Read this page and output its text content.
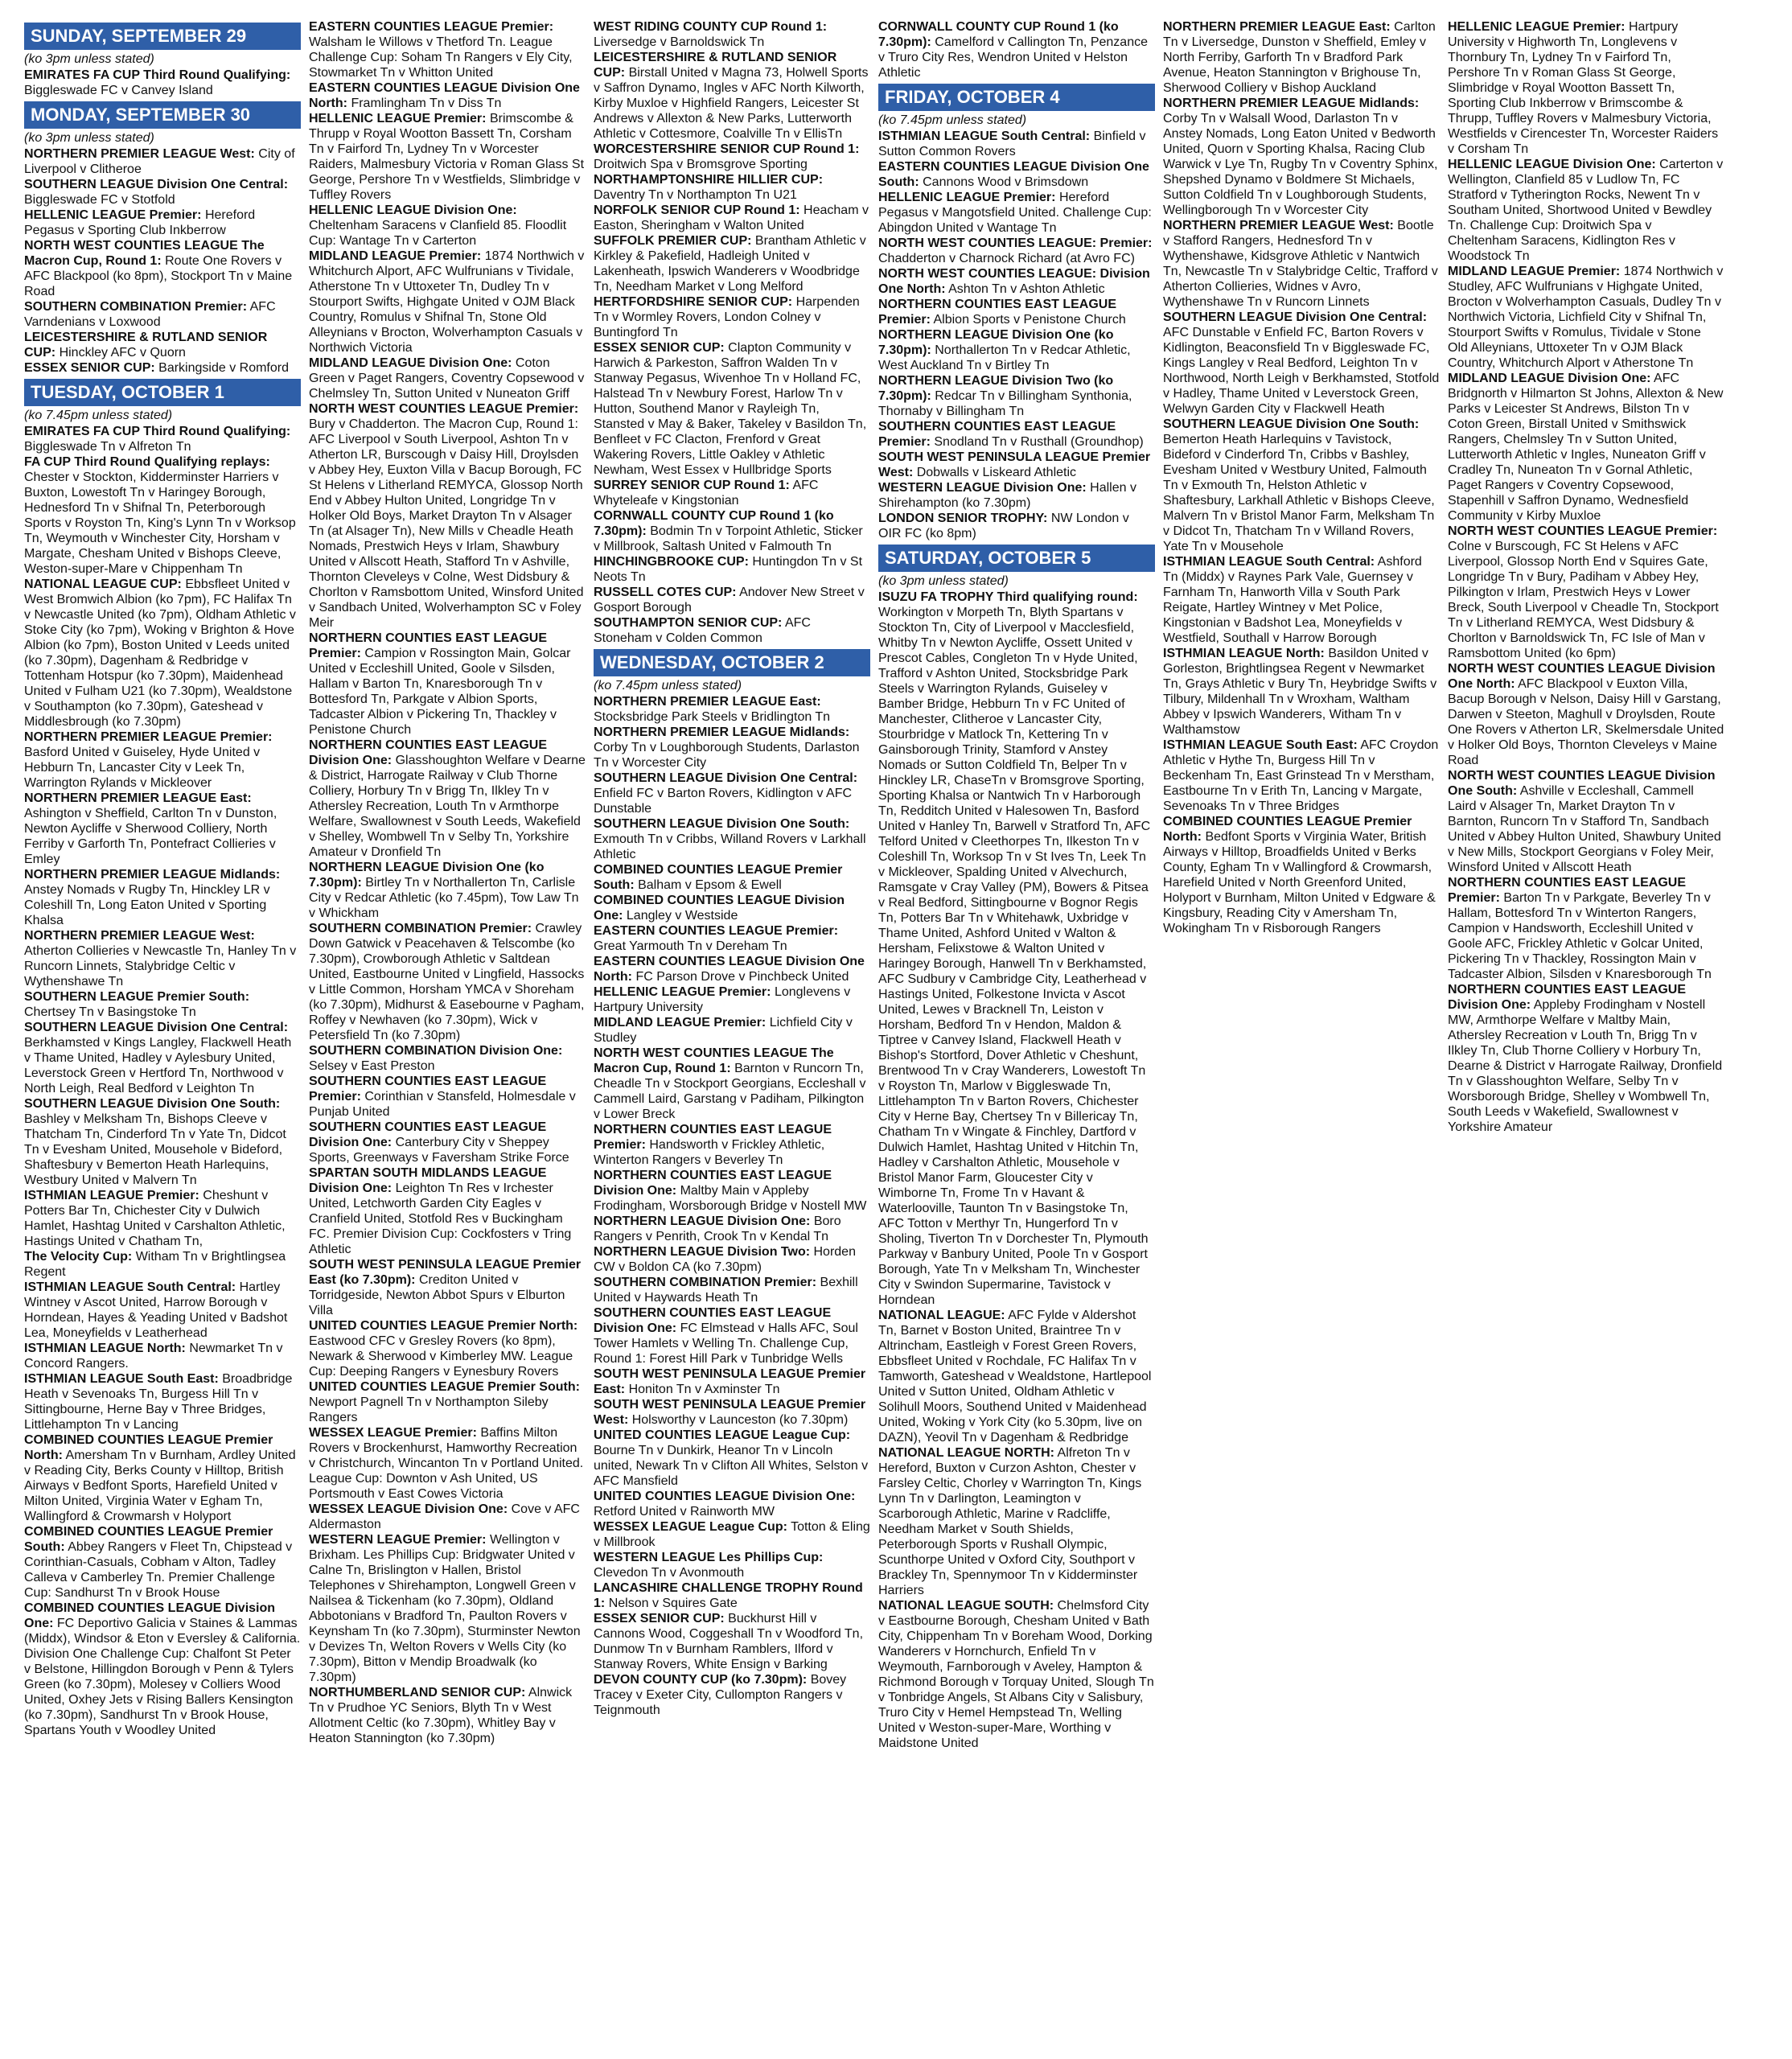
SUNDAY, SEPTEMBER 29
(ko 3pm unless stated)

EMIRATES FA CUP Third Round Qualifying: Biggleswade FC v Canvey Island

MONDAY, SEPTEMBER 30
(ko 3pm unless stated)

NORTHERN PREMIER LEAGUE West: City of Liverpool v Clitheroe

SOUTHERN LEAGUE Division One Central: Biggleswade FC v Stotfold

HELLENIC LEAGUE Premier: Hereford Pegasus v Sporting Club Inkberrow

NORTH WEST COUNTIES LEAGUE The Macron Cup, Round 1: Route One Rovers v AFC Blackpool (ko 8pm), Stockport Tn v Maine Road

SOUTHERN COMBINATION Premier: AFC Varndenians v Loxwood

LEICESTERSHIRE & RUTLAND SENIOR CUP: Hinckley AFC v Quorn

ESSEX SENIOR CUP: Barkingside v Romford

TUESDAY, OCTOBER 1
(ko 7.45pm unless stated)

EMIRATES FA CUP Third Round Qualifying: Biggleswade Tn v Alfreton Tn

FA CUP Third Round Qualifying replays: Chester v Stockton, Kidderminster Harriers v Buxton, Lowestoft Tn v Haringey Borough, Hednesford Tn v Shifnal Tn, Peterborough Sports v Royston Tn, King's Lynn Tn v Worksop Tn, Weymouth v Winchester City, Horsham v Margate, Chesham United v Bishops Cleeve, Weston-super-Mare v Chippenham Tn

NATIONAL LEAGUE CUP: Ebbsfleet United v West Bromwich Albion (ko 7pm), FC Halifax Tn v Newcastle United (ko 7pm), Oldham Athletic v Stoke City (ko 7pm), Woking v Brighton & Hove Albion (ko 7pm), Boston United v Leeds united (ko 7.30pm), Dagenham & Redbridge v Tottenham Hotspur (ko 7.30pm), Maidenhead United v Fulham U21 (ko 7.30pm), Wealdstone v Southampton (ko 7.30pm), Gateshead v Middlesbrough (ko 7.30pm)

NORTHERN PREMIER LEAGUE Premier: Basford United v Guiseley, Hyde United v Hebburn Tn, Lancaster City v Leek Tn, Warrington Rylands v Mickleover

NORTHERN PREMIER LEAGUE East: Ashington v Sheffield, Carlton Tn v Dunston, Newton Aycliffe v Sherwood Colliery, North Ferriby v Garforth Tn, Pontefract Collieries v Emley

NORTHERN PREMIER LEAGUE Midlands: Anstey Nomads v Rugby Tn, Hinckley LR v Coleshill Tn, Long Eaton United v Sporting Khalsa

NORTHERN PREMIER LEAGUE West: Atherton Collieries v Newcastle Tn, Hanley Tn v Runcorn Linnets, Stalybridge Celtic v Wythenshawe Tn

SOUTHERN LEAGUE Premier South: Chertsey Tn v Basingstoke Tn

SOUTHERN LEAGUE Division One Central: Berkhamsted v Kings Langley, Flackwell Heath v Thame United, Hadley v Aylesbury United, Leverstock Green v Hertford Tn, Northwood v North Leigh, Real Bedford v Leighton Tn

SOUTHERN LEAGUE Division One South: Bashley v Melksham Tn, Bishops Cleeve v Thatcham Tn, Cinderford Tn v Yate Tn, Didcot Tn v Evesham United, Mousehole v Bideford, Shaftesbury v Bemerton Heath Harlequins, Westbury United v Malvern Tn

ISTHMIAN LEAGUE Premier: Cheshunt v Potters Bar Tn, Chichester City v Dulwich Hamlet, Hashtag United v Carshalton Athletic, Hastings United v Chatham Tn,

The Velocity Cup: Witham Tn v Brightlingsea Regent

ISTHMIAN LEAGUE South Central: Hartley Wintney v Ascot United, Harrow Borough v Horndean, Hayes & Yeading United v Badshot Lea, Moneyfields v Leatherhead

ISTHMIAN LEAGUE North: Newmarket Tn v Concord Rangers.

ISTHMIAN LEAGUE South East: Broadbridge Heath v Sevenoaks Tn, Burgess Hill Tn v Sittingbourne, Herne Bay v Three Bridges, Littlehampton Tn v Lancing

COMBINED COUNTIES LEAGUE Premier North: Amersham Tn v Burnham, Ardley United v Reading City, Berks County v Hilltop, British Airways v Bedfont Sports, Harefield United v Milton United, Virginia Water v Egham Tn, Wallingford & Crowmarsh v Holyport

COMBINED COUNTIES LEAGUE Premier South: Abbey Rangers v Fleet Tn, Chipstead v Corinthian-Casuals, Cobham v Alton, Tadley Calleva v Camberley Tn. Premier Challenge Cup: Sandhurst Tn v Brook House

COMBINED COUNTIES LEAGUE Division One: FC Deportivo Galicia v Staines & Lammas (Middx), Windsor & Eton v Eversley & California. Division One Challenge Cup: Chalfont St Peter v Belstone, Hillingdon Borough v Penn & Tylers Green (ko 7.30pm), Molesey v Colliers Wood United, Oxhey Jets v Rising Ballers Kensington (ko 7.30pm), Sandhurst Tn v Brook House, Spartans Youth v Woodley United

EASTERN COUNTIES LEAGUE Premier: Walsham le Willows v Thetford Tn. League Challenge Cup: Soham Tn Rangers v Ely City, Stowmarket Tn v Whitton United

EASTERN COUNTIES LEAGUE Division One North: Framlingham Tn v Diss Tn

HELLENIC LEAGUE Premier: Brimscombe & Thrupp v Royal Wootton Bassett Tn, Corsham Tn v Fairford Tn, Lydney Tn v Worcester Raiders, Malmesbury Victoria v Roman Glass St George, Pershore Tn v Westfields, Slimbridge v Tuffley Rovers

HELLENIC LEAGUE Division One: Cheltenham Saracens v Clanfield 85. Floodlit Cup: Wantage Tn v Carterton

MIDLAND LEAGUE Premier: 1874 Northwich v Whitchurch Alport, AFC Wulfrunians v Tividale, Atherstone Tn v Uttoxeter Tn, Dudley Tn v Stourport Swifts, Highgate United v OJM Black Country, Romulus v Shifnal Tn, Stone Old Alleynians v Brocton, Wolverhampton Casuals v Northwich Victoria

MIDLAND LEAGUE Division One: Coton Green v Paget Rangers, Coventry Copsewood v Chelmsley Tn, Sutton United v Nuneaton Griff

NORTH WEST COUNTIES LEAGUE Premier: Bury v Chadderton. The Macron Cup, Round 1: AFC Liverpool v South Liverpool, Ashton Tn v Atherton LR, Burscough v Daisy Hill, Droylsden v Abbey Hey, Euxton Villa v Bacup Borough, FC St Helens v Litherland REMYCA, Glossop North End v Abbey Hulton United, Longridge Tn v Holker Old Boys, Market Drayton Tn v Alsager Tn (at Alsager Tn), New Mills v Cheadle Heath Nomads, Prestwich Heys v Irlam, Shawbury United v Allscott Heath, Stafford Tn v Ashville, Thornton Cleveleys v Colne, West Didsbury & Chorlton v Ramsbottom United, Winsford United v Sandbach United, Wolverhampton SC v Foley Meir

NORTHERN COUNTIES EAST LEAGUE Premier: Campion v Rossington Main, Golcar United v Eccleshill United, Goole v Silsden, Hallam v Barton Tn, Knaresborough Tn v Bottesford Tn, Parkgate v Albion Sports, Tadcaster Albion v Pickering Tn, Thackley v Penistone Church

NORTHERN COUNTIES EAST LEAGUE Division One: Glasshoughton Welfare v Dearne & District, Harrogate Railway v Club Thorne Colliery, Horbury Tn v Brigg Tn, Ilkley Tn v Athersley Recreation, Louth Tn v Armthorpe Welfare, Swallownest v South Leeds, Wakefield v Shelley, Wombwell Tn v Selby Tn, Yorkshire Amateur v Dronfield Tn

NORTHERN LEAGUE Division One (ko 7.30pm): Birtley Tn v Northallerton Tn, Carlisle City v Redcar Athletic (ko 7.45pm), Tow Law Tn v Whickham

SOUTHERN COMBINATION Premier: Crawley Down Gatwick v Peacehaven & Telscombe (ko 7.30pm), Crowborough Athletic v Saltdean United, Eastbourne United v Lingfield, Hassocks v Little Common, Horsham YMCA v Shoreham (ko 7.30pm), Midhurst & Easebourne v Pagham, Roffey v Newhaven (ko 7.30pm), Wick v Petersfield Tn (ko 7.30pm)

SOUTHERN COMBINATION Division One: Selsey v East Preston

SOUTHERN COUNTIES EAST LEAGUE Premier: Corinthian v Stansfeld, Holmesdale v Punjab United

SOUTHERN COUNTIES EAST LEAGUE Division One: Canterbury City v Sheppey Sports, Greenways v Faversham Strike Force

SPARTAN SOUTH MIDLANDS LEAGUE Division One: Leighton Tn Res v Irchester United, Letchworth Garden City Eagles v Cranfield United, Stotfold Res v Buckingham FC. Premier Division Cup: Cockfosters v Tring Athletic

SOUTH WEST PENINSULA LEAGUE Premier East (ko 7.30pm): Crediton United v Torridgeside, Newton Abbot Spurs v Elburton Villa

UNITED COUNTIES LEAGUE Premier North: Eastwood CFC v Gresley Rovers (ko 8pm), Newark & Sherwood v Kimberley MW. League Cup: Deeping Rangers v Eynesbury Rovers

UNITED COUNTIES LEAGUE Premier South: Newport Pagnell Tn v Northampton Sileby Rangers

WESSEX LEAGUE Premier: Baffins Milton Rovers v Brockenhurst, Hamworthy Recreation v Christchurch, Wincanton Tn v Portland United. League Cup: Downton v Ash United, US Portsmouth v East Cowes Victoria

WESSEX LEAGUE Division One: Cove v AFC Aldermaston

WESTERN LEAGUE Premier: Wellington v Brixham. Les Phillips Cup: Bridgwater United v Calne Tn, Brislington v Hallen, Bristol Telephones v Shirehampton, Longwell Green v Nailsea & Tickenham (ko 7.30pm), Oldland Abbotonians v Bradford Tn, Paulton Rovers v Keynsham Tn (ko 7.30pm), Sturminster Newton v Devizes Tn, Welton Rovers v Wells City (ko 7.30pm), Bitton v Mendip Broadwalk (ko 7.30pm)

NORTHUMBERLAND SENIOR CUP: Alnwick Tn v Prudhoe YC Seniors, Blyth Tn v West Allotment Celtic (ko 7.30pm), Whitley Bay v Heaton Stannington (ko 7.30pm)

WEST RIDING COUNTY CUP Round 1: Liversedge v Barnoldswick Tn

LEICESTERSHIRE & RUTLAND SENIOR CUP: Birstall United v Magna 73, Holwell Sports v Saffron Dynamo, Ingles v AFC North Kilworth, Kirby Muxloe v Highfield Rangers, Leicester St Andrews v Allexton & New Parks, Lutterworth Athletic v Cottesmore, Coalville Tn v EllisTn

WORCESTERSHIRE SENIOR CUP Round 1: Droitwich Spa v Bromsgrove Sporting

NORTHAMPTONSHIRE HILLIER CUP: Daventry Tn v Northampton Tn U21

NORFOLK SENIOR CUP Round 1: Heacham v Easton, Sheringham v Walton United

SUFFOLK PREMIER CUP: Brantham Athletic v Kirkley & Pakefield, Hadleigh United v Lakenheath, Ipswich Wanderers v Woodbridge Tn, Needham Market v Long Melford

HERTFORDSHIRE SENIOR CUP: Harpenden Tn v Wormley Rovers, London Colney v Buntingford Tn

ESSEX SENIOR CUP: Clapton Community v Harwich & Parkeston, Saffron Walden Tn v Stanway Pegasus, Wivenhoe Tn v Holland FC, Halstead Tn v Newbury Forest, Harlow Tn v Hutton, Southend Manor v Rayleigh Tn, Stansted v May & Baker, Takeley v Basildon Tn, Benfleet v FC Clacton, Frenford v Great Wakering Rovers, Little Oakley v Athletic Newham, West Essex v Hullbridge Sports

SURREY SENIOR CUP Round 1: AFC Whyteleafe v Kingstonian

CORNWALL COUNTY CUP Round 1 (ko 7.30pm): Bodmin Tn v Torpoint Athletic, Sticker v Millbrook, Saltash United v Falmouth Tn

HINCHINGBROOKE CUP: Huntingdon Tn v St Neots Tn

RUSSELL COTES CUP: Andover New Street v Gosport Borough

SOUTHAMPTON SENIOR CUP: AFC Stoneham v Colden Common

WEDNESDAY, OCTOBER 2
(ko 7.45pm unless stated)

NORTHERN PREMIER LEAGUE East: Stocksbridge Park Steels v Bridlington Tn

NORTHERN PREMIER LEAGUE Midlands: Corby Tn v Loughborough Students, Darlaston Tn v Worcester City

SOUTHERN LEAGUE Division One Central: Enfield FC v Barton Rovers, Kidlington v AFC Dunstable

SOUTHERN LEAGUE Division One South: Exmouth Tn v Cribbs, Willand Rovers v Larkhall Athletic

COMBINED COUNTIES LEAGUE Premier South: Balham v Epsom & Ewell

COMBINED COUNTIES LEAGUE Division One: Langley v Westside

EASTERN COUNTIES LEAGUE Premier: Great Yarmouth Tn v Dereham Tn

EASTERN COUNTIES LEAGUE Division One North: FC Parson Drove v Pinchbeck United

HELLENIC LEAGUE Premier: Longlevens v Hartpury University

MIDLAND LEAGUE Premier: Lichfield City v Studley

NORTH WEST COUNTIES LEAGUE The Macron Cup, Round 1: Barnton v Runcorn Tn, Cheadle Tn v Stockport Georgians, Eccleshall v Cammell Laird, Garstang v Padiham, Pilkington v Lower Breck

NORTHERN COUNTIES EAST LEAGUE Premier: Handsworth v Frickley Athletic, Winterton Rangers v Beverley Tn

NORTHERN COUNTIES EAST LEAGUE Division One: Maltby Main v Appleby Frodingham, Worsborough Bridge v Nostell MW

NORTHERN LEAGUE Division One: Boro Rangers v Penrith, Crook Tn v Kendal Tn

NORTHERN LEAGUE Division Two: Horden CW v Boldon CA (ko 7.30pm)

SOUTHERN COMBINATION Premier: Bexhill United v Haywards Heath Tn

SOUTHERN COUNTIES EAST LEAGUE Division One: FC Elmstead v Halls AFC, Soul Tower Hamlets v Welling Tn. Challenge Cup, Round 1: Forest Hill Park v Tunbridge Wells

SOUTH WEST PENINSULA LEAGUE Premier East: Honiton Tn v Axminster Tn

SOUTH WEST PENINSULA LEAGUE Premier West: Holsworthy v Launceston (ko 7.30pm)

UNITED COUNTIES LEAGUE League Cup: Bourne Tn v Dunkirk, Heanor Tn v Lincoln united, Newark Tn v Clifton All Whites, Selston v AFC Mansfield

UNITED COUNTIES LEAGUE Division One: Retford United v Rainworth MW

WESSEX LEAGUE League Cup: Totton & Eling v Millbrook

WESTERN LEAGUE Les Phillips Cup: Clevedon Tn v Avonmouth

LANCASHIRE CHALLENGE TROPHY Round 1: Nelson v Squires Gate

ESSEX SENIOR CUP: Buckhurst Hill v Cannons Wood, Coggeshall Tn v Woodford Tn, Dunmow Tn v Burnham Ramblers, Ilford v Stanway Rovers, White Ensign v Barking

DEVON COUNTY CUP (ko 7.30pm): Bovey Tracey v Exeter City, Cullompton Rangers v Teignmouth

CORNWALL COUNTY CUP Round 1 (ko 7.30pm): Camelford v Callington Tn, Penzance v Truro City Res, Wendron United v Helston Athletic

FRIDAY, OCTOBER 4
(ko 7.45pm unless stated)

ISTHMIAN LEAGUE South Central: Binfield v Sutton Common Rovers

EASTERN COUNTIES LEAGUE Division One South: Cannons Wood v Brimsdown

HELLENIC LEAGUE Premier: Hereford Pegasus v Mangotsfield United. Challenge Cup: Abingdon United v Wantage Tn

NORTH WEST COUNTIES LEAGUE: Premier: Chadderton v Charnock Richard (at Avro FC)

NORTH WEST COUNTIES LEAGUE: Division One North: Ashton Tn v Ashton Athletic

NORTHERN COUNTIES EAST LEAGUE Premier: Albion Sports v Penistone Church

NORTHERN LEAGUE Division One (ko 7.30pm): Northallerton Tn v Redcar Athletic, West Auckland Tn v Birtley Tn

NORTHERN LEAGUE Division Two (ko 7.30pm): Redcar Tn v Billingham Synthonia, Thornaby v Billingham Tn

SOUTHERN COUNTIES EAST LEAGUE Premier: Snodland Tn v Rusthall (Groundhop)

SOUTH WEST PENINSULA LEAGUE Premier West: Dobwalls v Liskeard Athletic

WESTERN LEAGUE Division One: Hallen v Shirehampton (ko 7.30pm)

LONDON SENIOR TROPHY: NW London v OIR FC (ko 8pm)

SATURDAY, OCTOBER 5
(ko 3pm unless stated)

ISUZU FA TROPHY Third qualifying round: Workington v Morpeth Tn, Blyth Spartans v Stockton Tn, City of Liverpool v Macclesfield, Whitby Tn v Newton Aycliffe, Ossett United v Prescot Cables, Congleton Tn v Hyde United, Trafford v Ashton United, Stocksbridge Park Steels v Warrington Rylands, Guiseley v Bamber Bridge, Hebburn Tn v FC United of Manchester, Clitheroe v Lancaster City, Stourbridge v Matlock Tn, Kettering Tn v Gainsborough Trinity, Stamford v Anstey Nomads or Sutton Coldfield Tn, Belper Tn v Hinckley LR, ChaseTn v Bromsgrove Sporting, Sporting Khalsa or Nantwich Tn v Harborough Tn, Redditch United v Halesowen Tn, Basford United v Hanley Tn, Barwell v Stratford Tn, AFC Telford United v Cleethorpes Tn, Ilkeston Tn v Coleshill Tn, Worksop Tn v St Ives Tn, Leek Tn v Mickleover, Spalding United v Alvechurch, Ramsgate v Cray Valley (PM), Bowers & Pitsea v Real Bedford, Sittingbourne v Bognor Regis Tn, Potters Bar Tn v Whitehawk, Uxbridge v Thame United, Ashford United v Walton & Hersham, Felixstowe & Walton United v Haringey Borough, Hanwell Tn v Berkhamsted, AFC Sudbury v Cambridge City, Leatherhead v Hastings United, Folkestone Invicta v Ascot United, Lewes v Bracknell Tn, Leiston v Horsham, Bedford Tn v Hendon, Maldon & Tiptree v Canvey Island, Flackwell Heath v Bishop's Stortford, Dover Athletic v Cheshunt, Brentwood Tn v Cray Wanderers, Lowestoft Tn v Royston Tn, Marlow v Biggleswade Tn, Littlehampton Tn v Barton Rovers, Chichester City v Herne Bay, Chertsey Tn v Billericay Tn, Chatham Tn v Wingate & Finchley, Dartford v Dulwich Hamlet, Hashtag United v Hitchin Tn, Hadley v Carshalton Athletic, Mousehole v Bristol Manor Farm, Gloucester City v Wimborne Tn, Frome Tn v Havant & Waterlooville, Taunton Tn v Basingstoke Tn, AFC Totton v Merthyr Tn, Hungerford Tn v Sholing, Tiverton Tn v Dorchester Tn, Plymouth Parkway v Banbury United, Poole Tn v Gosport Borough, Yate Tn v Melksham Tn, Winchester City v Swindon Supermarine, Tavistock v Horndean

NATIONAL LEAGUE: AFC Fylde v Aldershot Tn, Barnet v Boston United, Braintree Tn v Altrincham, Eastleigh v Forest Green Rovers, Ebbsfleet United v Rochdale, FC Halifax Tn v Tamworth, Gateshead v Wealdstone, Hartlepool United v Sutton United, Oldham Athletic v Solihull Moors, Southend United v Maidenhead United, Woking v York City (ko 5.30pm, live on DAZN), Yeovil Tn v Dagenham & Redbridge

NATIONAL LEAGUE NORTH: Alfreton Tn v Hereford, Buxton v Curzon Ashton, Chester v Farsley Celtic, Chorley v Warrington Tn, Kings Lynn Tn v Darlington, Leamington v Scarborough Athletic, Marine v Radcliffe, Needham Market v South Shields, Peterborough Sports v Rushall Olympic, Scunthorpe United v Oxford City, Southport v Brackley Tn, Spennymoor Tn v Kidderminster Harriers

NATIONAL LEAGUE SOUTH: Chelmsford City v Eastbourne Borough, Chesham United v Bath City, Chippenham Tn v Boreham Wood, Dorking Wanderers v Hornchurch, Enfield Tn v Weymouth, Farnborough v Aveley, Hampton & Richmond Borough v Torquay United, Slough Tn v Tonbridge Angels, St Albans City v Salisbury, Truro City v Hemel Hempstead Tn, Welling United v Weston-super-Mare, Worthing v Maidstone United

NORTHERN PREMIER LEAGUE East: Carlton Tn v Liversedge, Dunston v Sheffield, Emley v North Ferriby, Garforth Tn v Bradford Park Avenue, Heaton Stannington v Brighouse Tn, Sherwood Colliery v Bishop Auckland

NORTHERN PREMIER LEAGUE Midlands: Corby Tn v Walsall Wood, Darlaston Tn v Anstey Nomads, Long Eaton United v Bedworth United, Quorn v Sporting Khalsa, Racing Club Warwick v Lye Tn, Rugby Tn v Coventry Sphinx, Shepshed Dynamo v Boldmere St Michaels, Sutton Coldfield Tn v Loughborough Students, Wellingborough Tn v Worcester City

NORTHERN PREMIER LEAGUE West: Bootle v Stafford Rangers, Hednesford Tn v Wythenshawe, Kidsgrove Athletic v Nantwich Tn, Newcastle Tn v Stalybridge Celtic, Trafford v Atherton Collieries, Widnes v Avro, Wythenshawe Tn v Runcorn Linnets

SOUTHERN LEAGUE Division One Central: AFC Dunstable v Enfield FC, Barton Rovers v Kidlington, Beaconsfield Tn v Biggleswade FC, Kings Langley v Real Bedford, Leighton Tn v Northwood, North Leigh v Berkhamsted, Stotfold v Hadley, Thame United v Leverstock Green, Welwyn Garden City v Flackwell Heath

SOUTHERN LEAGUE Division One South: Bemerton Heath Harlequins v Tavistock, Bideford v Cinderford Tn, Cribbs v Bashley, Evesham United v Westbury United, Falmouth Tn v Exmouth Tn, Helston Athletic v Shaftesbury, Larkhall Athletic v Bishops Cleeve, Malvern Tn v Bristol Manor Farm, Melksham Tn v Didcot Tn, Thatcham Tn v Willand Rovers, Yate Tn v Mousehole

ISTHMIAN LEAGUE South Central: Ashford Tn (Middx) v Raynes Park Vale, Guernsey v Farnham Tn, Hanworth Villa v South Park Reigate, Hartley Wintney v Met Police, Kingstonian v Badshot Lea, Moneyfields v Westfield, Southall v Harrow Borough

ISTHMIAN LEAGUE North: Basildon United v Gorleston, Brightlingsea Regent v Newmarket Tn, Grays Athletic v Bury Tn, Heybridge Swifts v Tilbury, Mildenhall Tn v Wroxham, Waltham Abbey v Ipswich Wanderers, Witham Tn v Walthamstow

ISTHMIAN LEAGUE South East: AFC Croydon Athletic v Hythe Tn, Burgess Hill Tn v Beckenham Tn, East Grinstead Tn v Merstham, Eastbourne Tn v Erith Tn, Lancing v Margate, Sevenoaks Tn v Three Bridges

COMBINED COUNTIES LEAGUE Premier North: Bedfont Sports v Virginia Water, British Airways v Hilltop, Broadfields United v Berks County, Egham Tn v Wallingford & Crowmarsh, Harefield United v North Greenford United, Holyport v Burnham, Milton United v Edgware & Kingsbury, Reading City v Amersham Tn, Wokingham Tn v Risborough Rangers

HELLENIC LEAGUE Premier: Hartpury University v Highworth Tn, Longlevens v Thornbury Tn, Lydney Tn v Fairford Tn, Pershore Tn v Roman Glass St George, Slimbridge v Royal Wootton Bassett Tn, Sporting Club Inkberrow v Brimscombe & Thrupp, Tuffley Rovers v Malmesbury Victoria, Westfields v Cirencester Tn, Worcester Raiders v Corsham Tn

HELLENIC LEAGUE Division One: Carterton v Wellington, Clanfield 85 v Ludlow Tn, FC Stratford v Tytherington Rocks, Newent Tn v Southam United, Shortwood United v Bewdley Tn. Challenge Cup: Droitwich Spa v Cheltenham Saracens, Kidlington Res v Woodstock Tn

MIDLAND LEAGUE Premier: 1874 Northwich v Studley, AFC Wulfrunians v Highgate United, Brocton v Wolverhampton Casuals, Dudley Tn v Northwich Victoria, Lichfield City v Shifnal Tn, Stourport Swifts v Romulus, Tividale v Stone Old Alleynians, Uttoxeter Tn v OJM Black Country, Whitchurch Alport v Atherstone Tn

MIDLAND LEAGUE Division One: AFC Bridgnorth v Hilmarton St Johns, Allexton & New Parks v Leicester St Andrews, Bilston Tn v Coton Green, Birstall United v Smithswick Rangers, Chelmsley Tn v Sutton United, Lutterworth Athletic v Ingles, Nuneaton Griff v Cradley Tn, Nuneaton Tn v Gornal Athletic, Paget Rangers v Coventry Copsewood, Stapenhill v Saffron Dynamo, Wednesfield Community v Kirby Muxloe

NORTH WEST COUNTIES LEAGUE Premier: Colne v Burscough, FC St Helens v AFC Liverpool, Glossop North End v Squires Gate, Longridge Tn v Bury, Padiham v Abbey Hey, Pilkington v Irlam, Prestwich Heys v Lower Breck, South Liverpool v Cheadle Tn, Stockport Tn v Litherland REMYCA, West Didsbury & Chorlton v Barnoldswick Tn, FC Isle of Man v Ramsbottom United (ko 6pm)

NORTH WEST COUNTIES LEAGUE Division One North: AFC Blackpool v Euxton Villa, Bacup Borough v Nelson, Daisy Hill v Garstang, Darwen v Steeton, Maghull v Droylsden, Route One Rovers v Atherton LR, Skelmersdale United v Holker Old Boys, Thornton Cleveleys v Maine Road

NORTH WEST COUNTIES LEAGUE Division One South: Ashville v Eccleshall, Cammell Laird v Alsager Tn, Market Drayton Tn v Barnton, Runcorn Tn v Stafford Tn, Sandbach United v Abbey Hulton United, Shawbury United v New Mills, Stockport Georgians v Foley Meir, Winsford United v Allscott Heath

NORTHERN COUNTIES EAST LEAGUE Premier: Barton Tn v Parkgate, Beverley Tn v Hallam, Bottesford Tn v Winterton Rangers, Campion v Handsworth, Eccleshill United v Goole AFC, Frickley Athletic v Golcar United, Pickering Tn v Thackley, Rossington Main v Tadcaster Albion, Silsden v Knaresborough Tn

NORTHERN COUNTIES EAST LEAGUE Division One: Appleby Frodingham v Nostell MW, Armthorpe Welfare v Maltby Main, Athersley Recreation v Louth Tn, Brigg Tn v Ilkley Tn, Club Thorne Colliery v Horbury Tn, Dearne & District v Harrogate Railway, Dronfield Tn v Glasshoughton Welfare, Selby Tn v Worsborough Bridge, Shelley v Wombwell Tn, South Leeds v Wakefield, Swallownest v Yorkshire Amateur
